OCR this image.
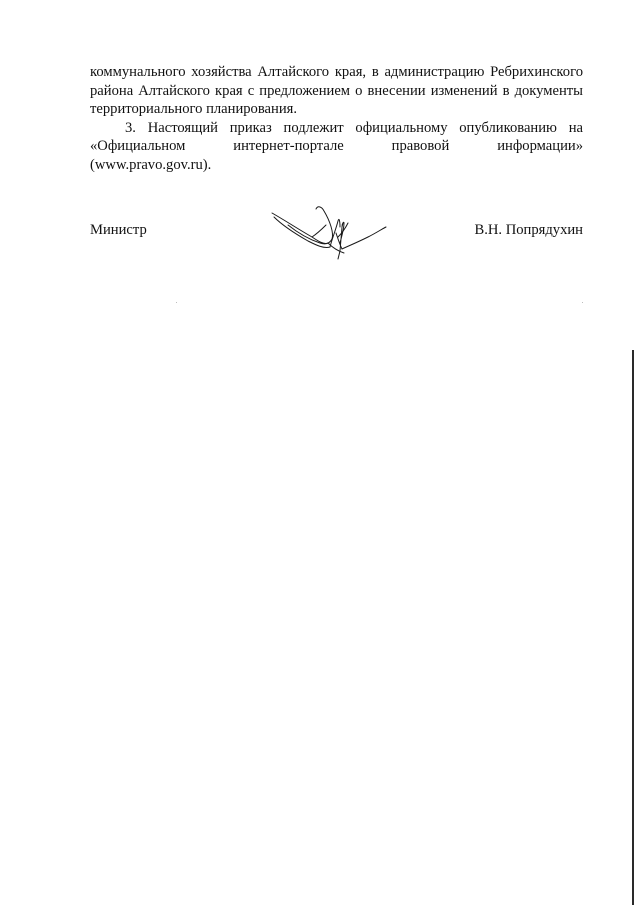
коммунального хозяйства Алтайского края, в администрацию Ребрихинского
района Алтайского края с предложением о внесении изменений в документы
территориального планирования.

3. Настоящий приказ подлежит официальному опубликованию на
«Официальном интернет-портале правовой информации»
(www.pravo.gov.ru).

Министр	В.Н. Попрядухин
